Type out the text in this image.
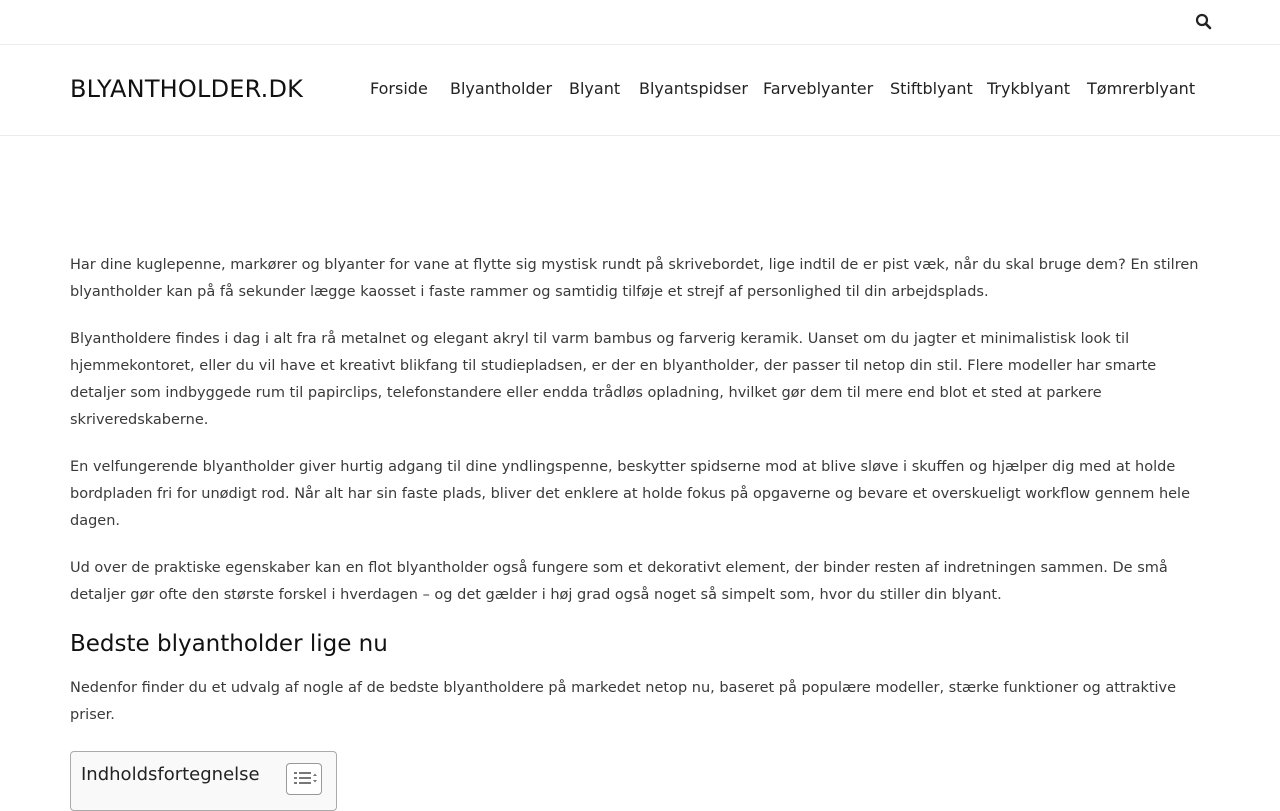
BLYANTHOLDER.DK	Forside Blyantholder Blyant Blyantspidser Farveblyanter Stiftblyant Trykblyant Tømrerblyant

Har dine kuglepenne, markører og blyanter for vane at flytte sig mystisk rundt på skrivebordet, lige indtil de er pist væk, når du skal bruge dem? En stilren blyantholder kan på få sekunder lægge kaosset i faste rammer og samtidig tilføje et strejf af personlighed til din arbejdsplads.

Blyantholdere findes i dag i alt fra rå metalnet og elegant akryl til varm bambus og farverig keramik. Uanset om du jagter et minimalistisk look til hjemmekontoret, eller du vil have et kreativt blikfang til studiepladsen, er der en blyantholder, der passer til netop din stil. Flere modeller har smarte detaljer som indbyggede rum til papirclips, telefonstandere eller endda trådløs opladning, hvilket gør dem til mere end blot et sted at parkere skriveredskaberne.

En velfungerende blyantholder giver hurtig adgang til dine yndlingspenne, beskytter spidserne mod at blive sløve i skuffen og hjælper dig med at holde bordpladen fri for unødigt rod. Når alt har sin faste plads, bliver det enklere at holde fokus på opgaverne og bevare et overskueligt workflow gennem hele dagen.

Ud over de praktiske egenskaber kan en flot blyantholder også fungere som et dekorativt element, der binder resten af indretningen sammen. De små detaljer gør ofte den største forskel i hverdagen – og det gælder i høj grad også noget så simpelt som, hvor du stiller din blyant.

Bedste blyantholder lige nu

Nedenfor finder du et udvalg af nogle af de bedste blyantholdere på markedet netop nu, baseret på populære modeller, stærke funktioner og attraktive priser.

Indholdsfortegnelse
